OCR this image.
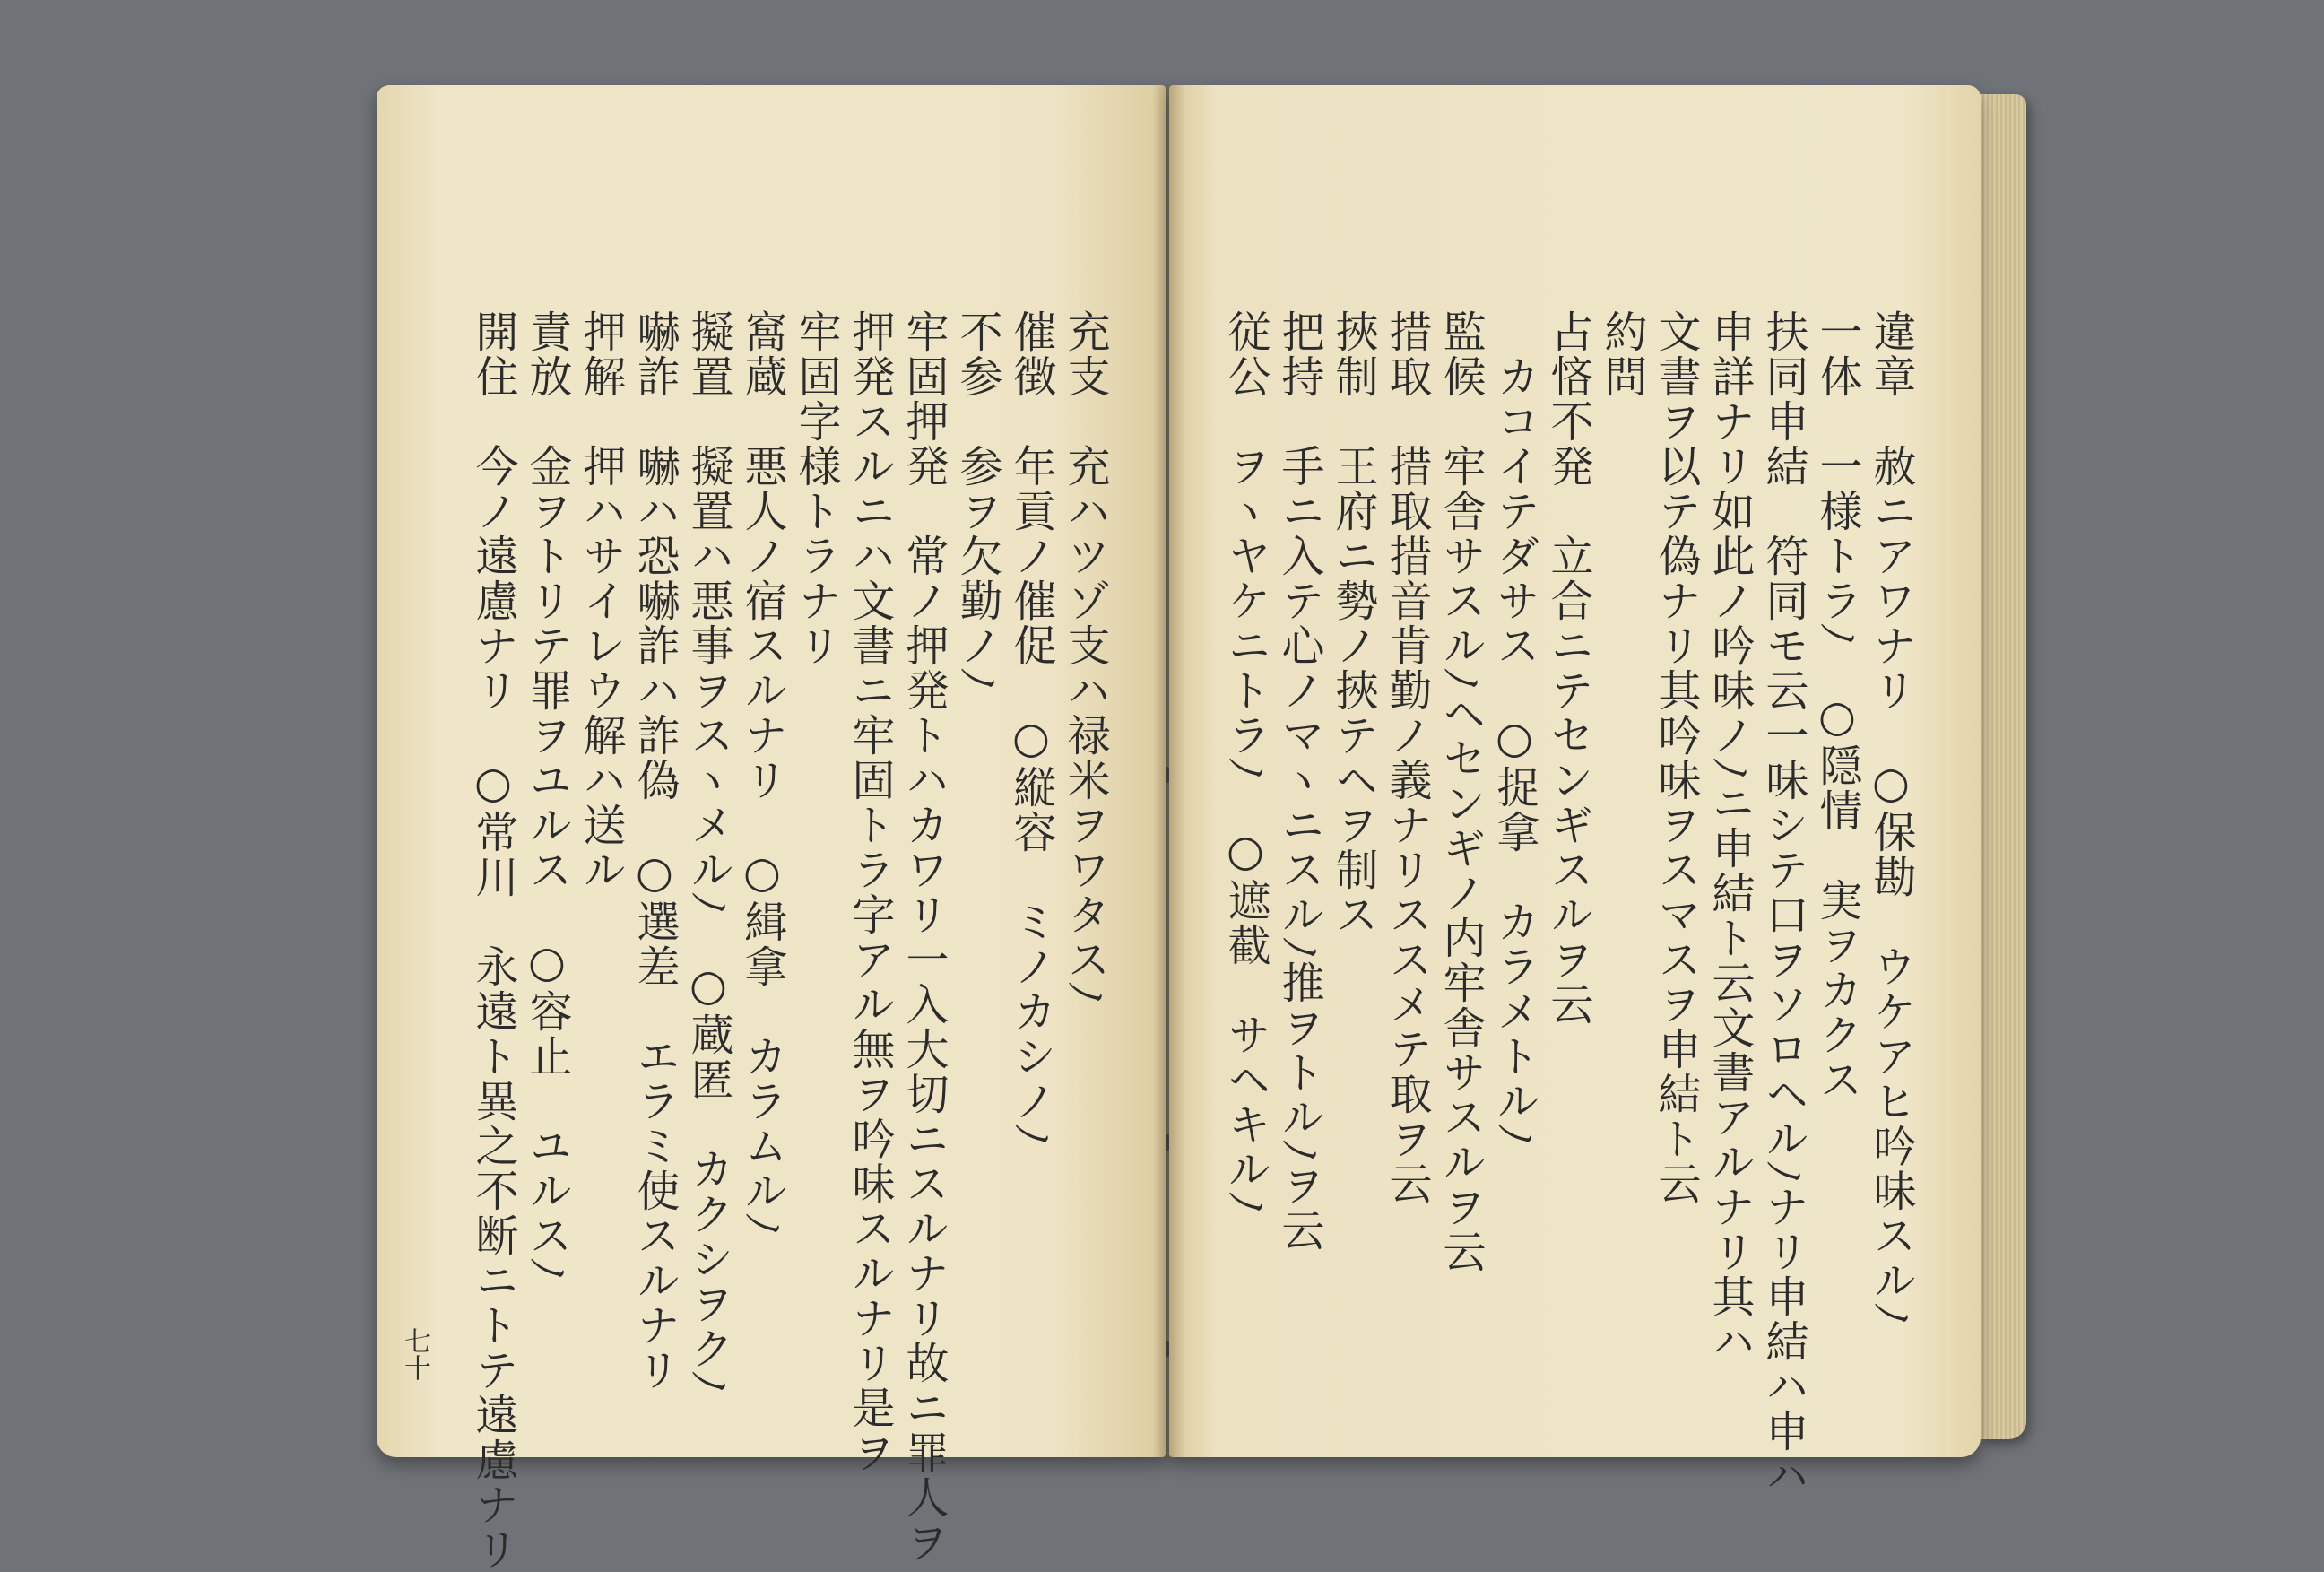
充支　充ハツゾ支ハ禄米ヲワタスﾉ
催徴　年貢ノ催促　○縦容　ミノカシノﾉ
不参　参ヲ欠勤ノﾉ
牢固押発　常ノ押発トハカワリ一入大切ニスルナリ故ニ罪人ヲ
押発スルニハ文書ニ牢固トラ字アル無ヲ吟味スルナリ是ヲ
牢固字様トラナリ
窩蔵　悪人ノ宿スルナリ　○緝拿　カラムルﾉ
擬置　擬置ハ悪事ヲスヽメルﾉ　○蔵匿　カクシヲクﾉ
嚇詐　嚇ハ恐嚇詐ハ詐偽　○選差　エラミ使スルナリ
押解　押ハサイレウ解ハ送ル
責放　金ヲトリテ罪ヲユルス　○容止　ユルスﾉ
開住　今ノ遠慮ナリ　○常川　永遠ト異之不断ニトテ遠慮ナリ
七十
違章　赦ニアワナリ　○保勘　ウケアヒ吟味スルﾉ
一体　一様トラﾉ　○隠情　実ヲカクス
扶同申結　符同モ云一味シテ口ヲソロヘルﾉナリ申結ハ申ハ
申詳ナリ如此ノ吟味ノﾉニ申結ト云文書アルナリ其ハ
文書ヲ以テ偽ナリ其吟味ヲスマスヲ申結ト云
約問
占悋不発　立合ニテセンギスルヲ云
　カコイテダサス　○捉拿　カラメトルﾉ
監候　牢舎サスルﾉヘセンギノ内牢舎サスルヲ云
措取　措取措音肯勤ノ義ナリススメテ取ヲ云
挾制　王府ニ勢ノ挾テヘヲ制ス
把持　手ニ入テ心ノマヽニスルﾉ推ヲトルﾉヲ云
従公　ヲヽヤケニトラﾉ　○遮截　サヘキルﾉ
